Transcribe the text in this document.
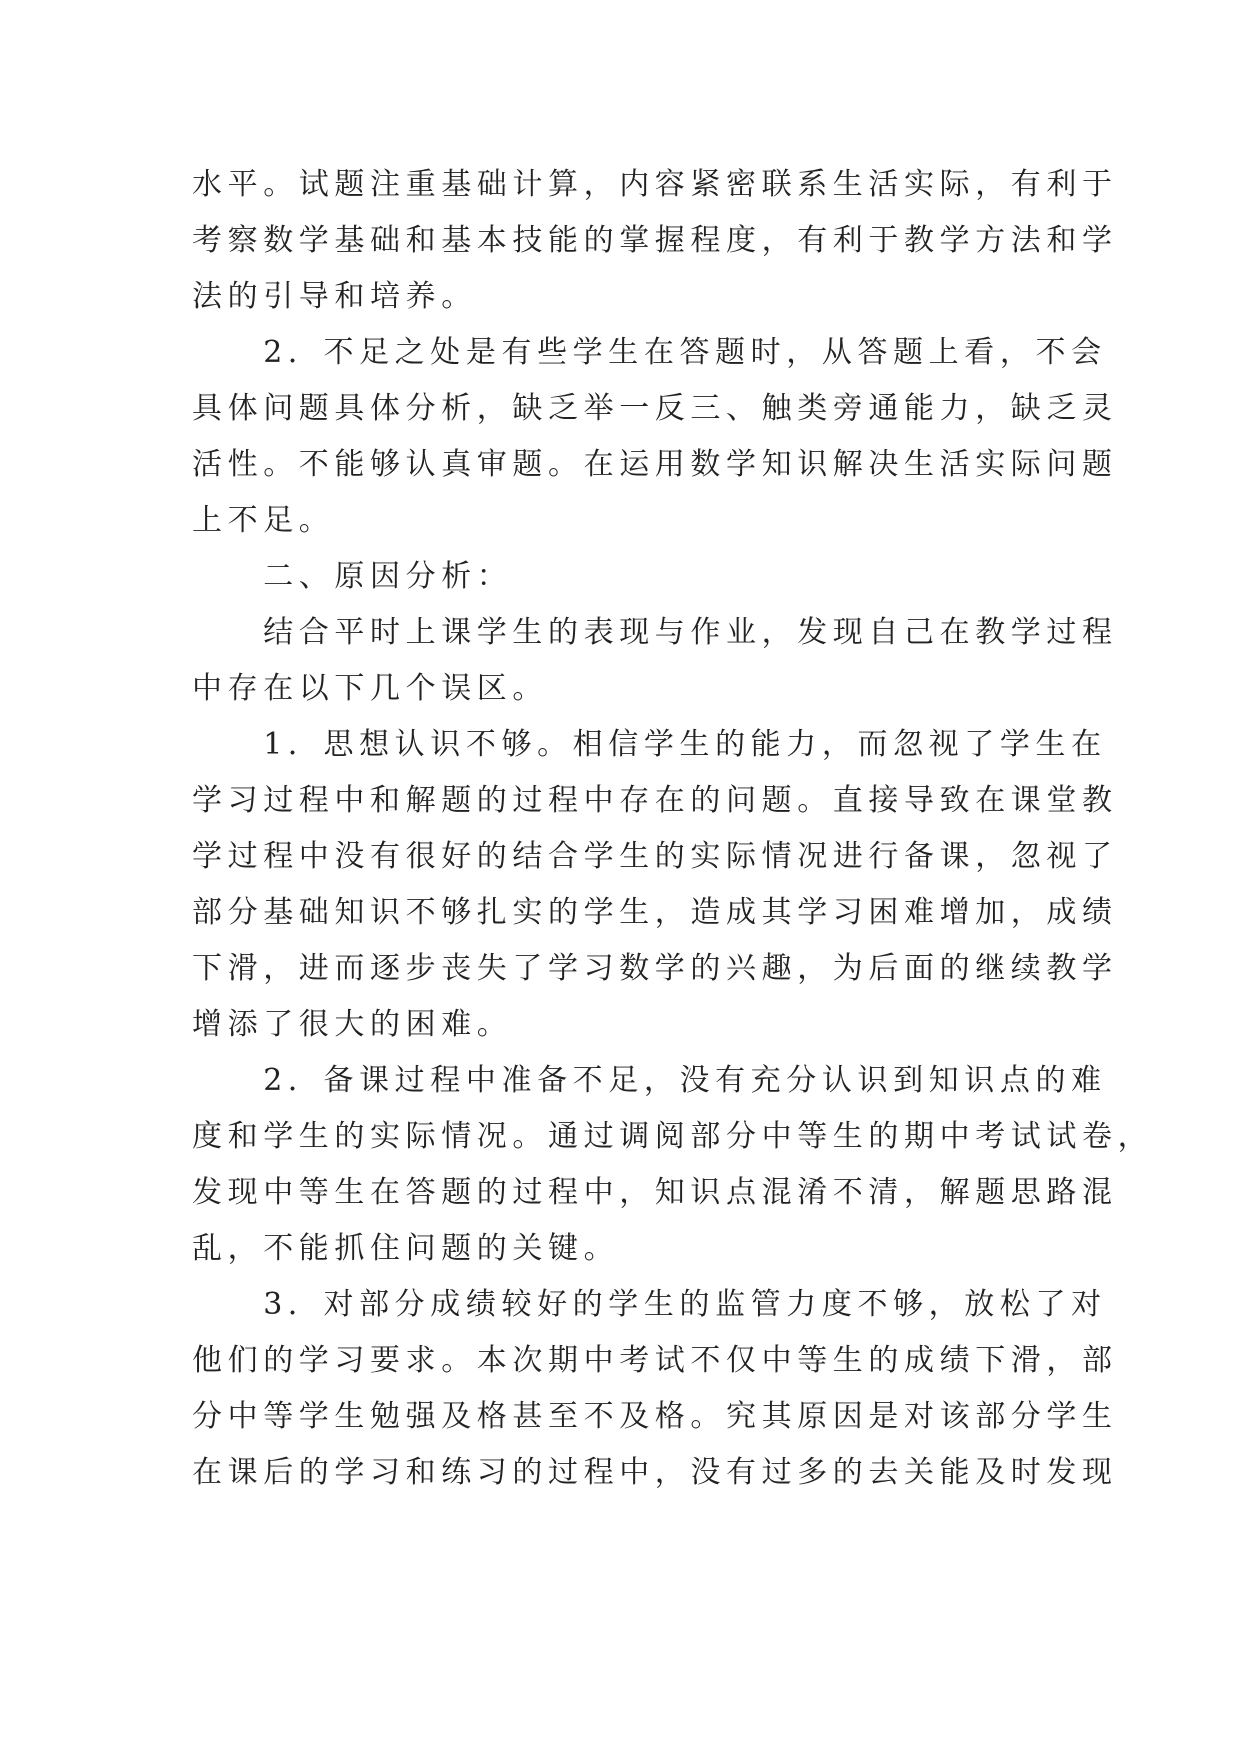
水平。试题注重基础计算，内容紧密联系生活实际，有利于
考察数学基础和基本技能的掌握程度，有利于教学方法和学
法的引导和培养。
　　2．不足之处是有些学生在答题时，从答题上看，不会
具体问题具体分析，缺乏举一反三、触类旁通能力，缺乏灵
活性。不能够认真审题。在运用数学知识解决生活实际问题
上不足。
　　二、原因分析：
　　结合平时上课学生的表现与作业，发现自己在教学过程
中存在以下几个误区。
　　1．思想认识不够。相信学生的能力，而忽视了学生在
学习过程中和解题的过程中存在的问题。直接导致在课堂教
学过程中没有很好的结合学生的实际情况进行备课，忽视了
部分基础知识不够扎实的学生，造成其学习困难增加，成绩
下滑，进而逐步丧失了学习数学的兴趣，为后面的继续教学
增添了很大的困难。
　　2．备课过程中准备不足，没有充分认识到知识点的难
度和学生的实际情况。通过调阅部分中等生的期中考试试卷，
发现中等生在答题的过程中，知识点混淆不清，解题思路混
乱，不能抓住问题的关键。
　　3．对部分成绩较好的学生的监管力度不够，放松了对
他们的学习要求。本次期中考试不仅中等生的成绩下滑，部
分中等学生勉强及格甚至不及格。究其原因是对该部分学生
在课后的学习和练习的过程中，没有过多的去关能及时发现
